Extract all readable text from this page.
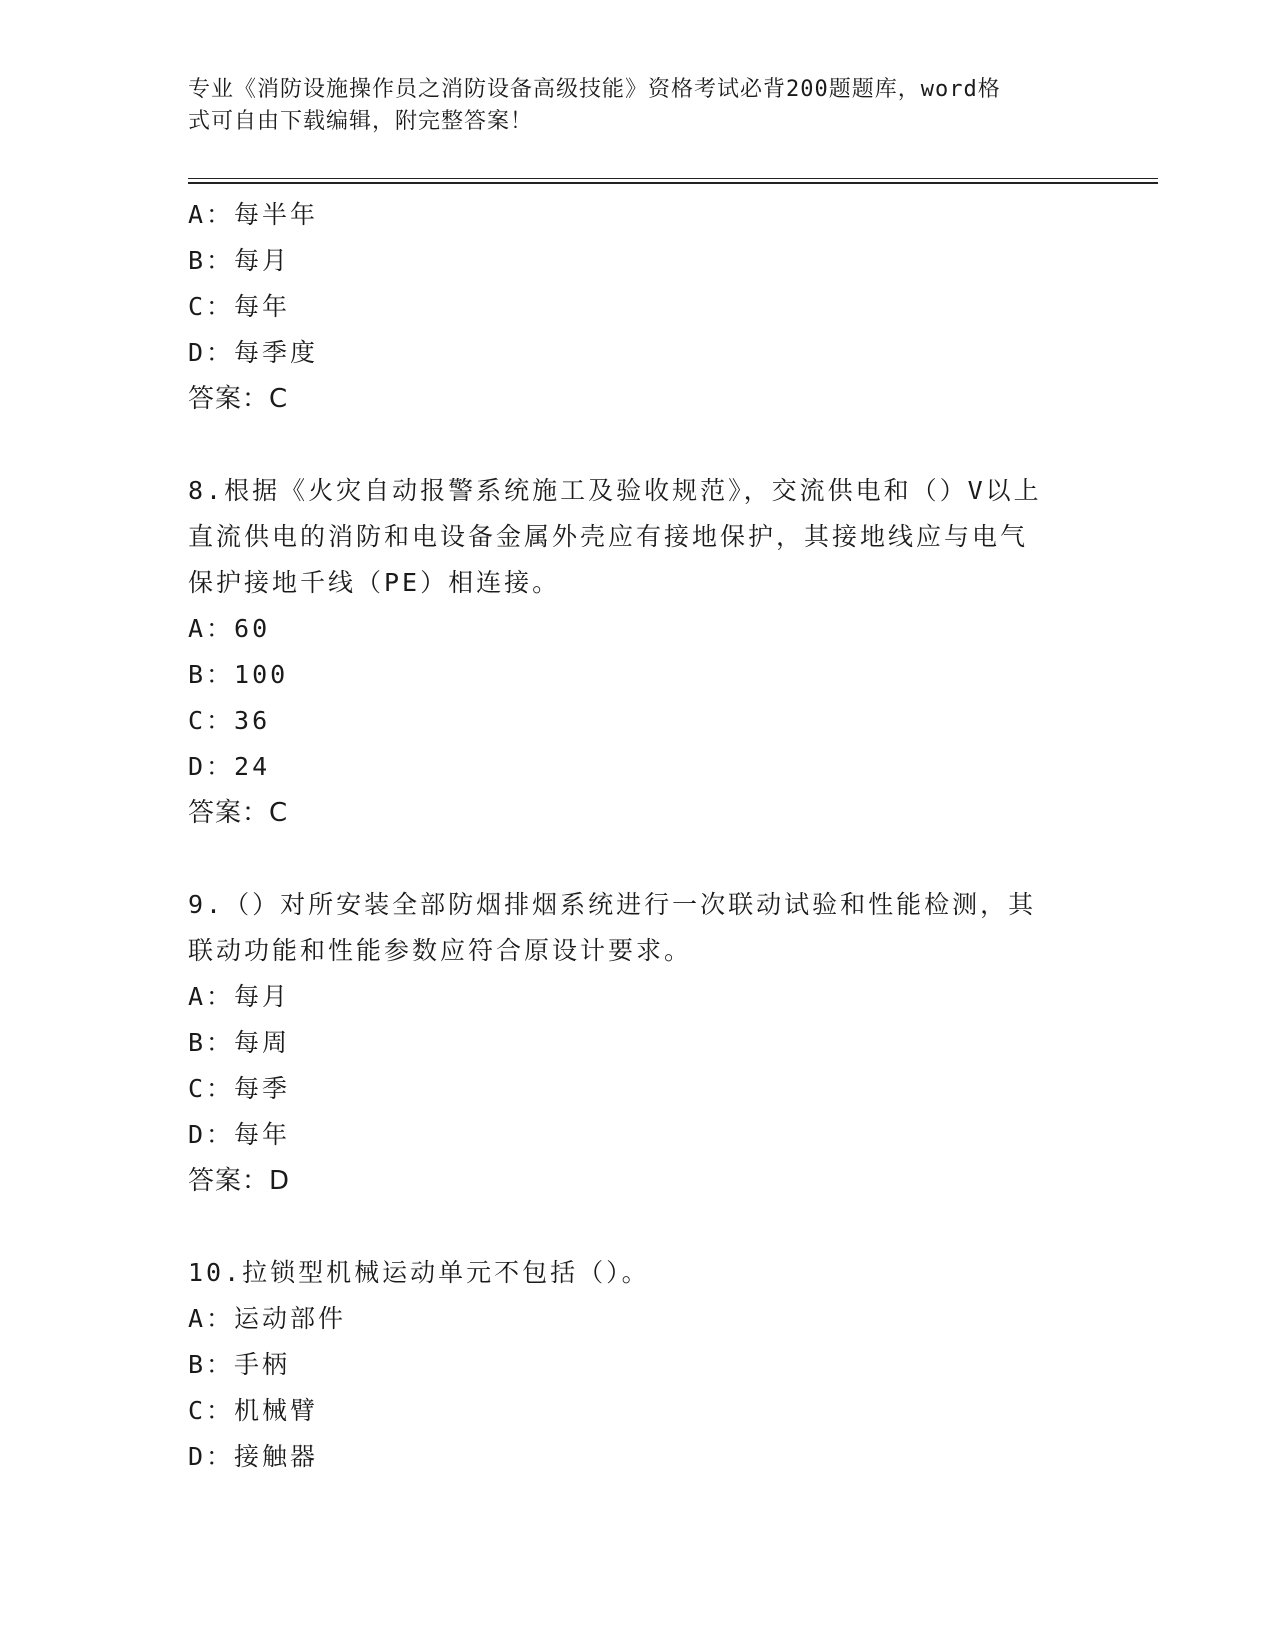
专业《消防设施操作员之消防设备高级技能》资格考试必背200题题库，word格
式可自由下载编辑，附完整答案！
A：每半年
B：每月
C：每年
D：每季度
答案：C
8.根据《火灾自动报警系统施工及验收规范》，交流供电和（）V以上
直流供电的消防和电设备金属外壳应有接地保护，其接地线应与电气
保护接地千线（PE）相连接。
A：60
B：100
C：36
D：24
答案：C
9.（）对所安装全部防烟排烟系统进行一次联动试验和性能检测，其
联动功能和性能参数应符合原设计要求。
A：每月
B：每周
C：每季
D：每年
答案：D
10.拉锁型机械运动单元不包括（）。
A：运动部件
B：手柄
C：机械臂
D：接触器
